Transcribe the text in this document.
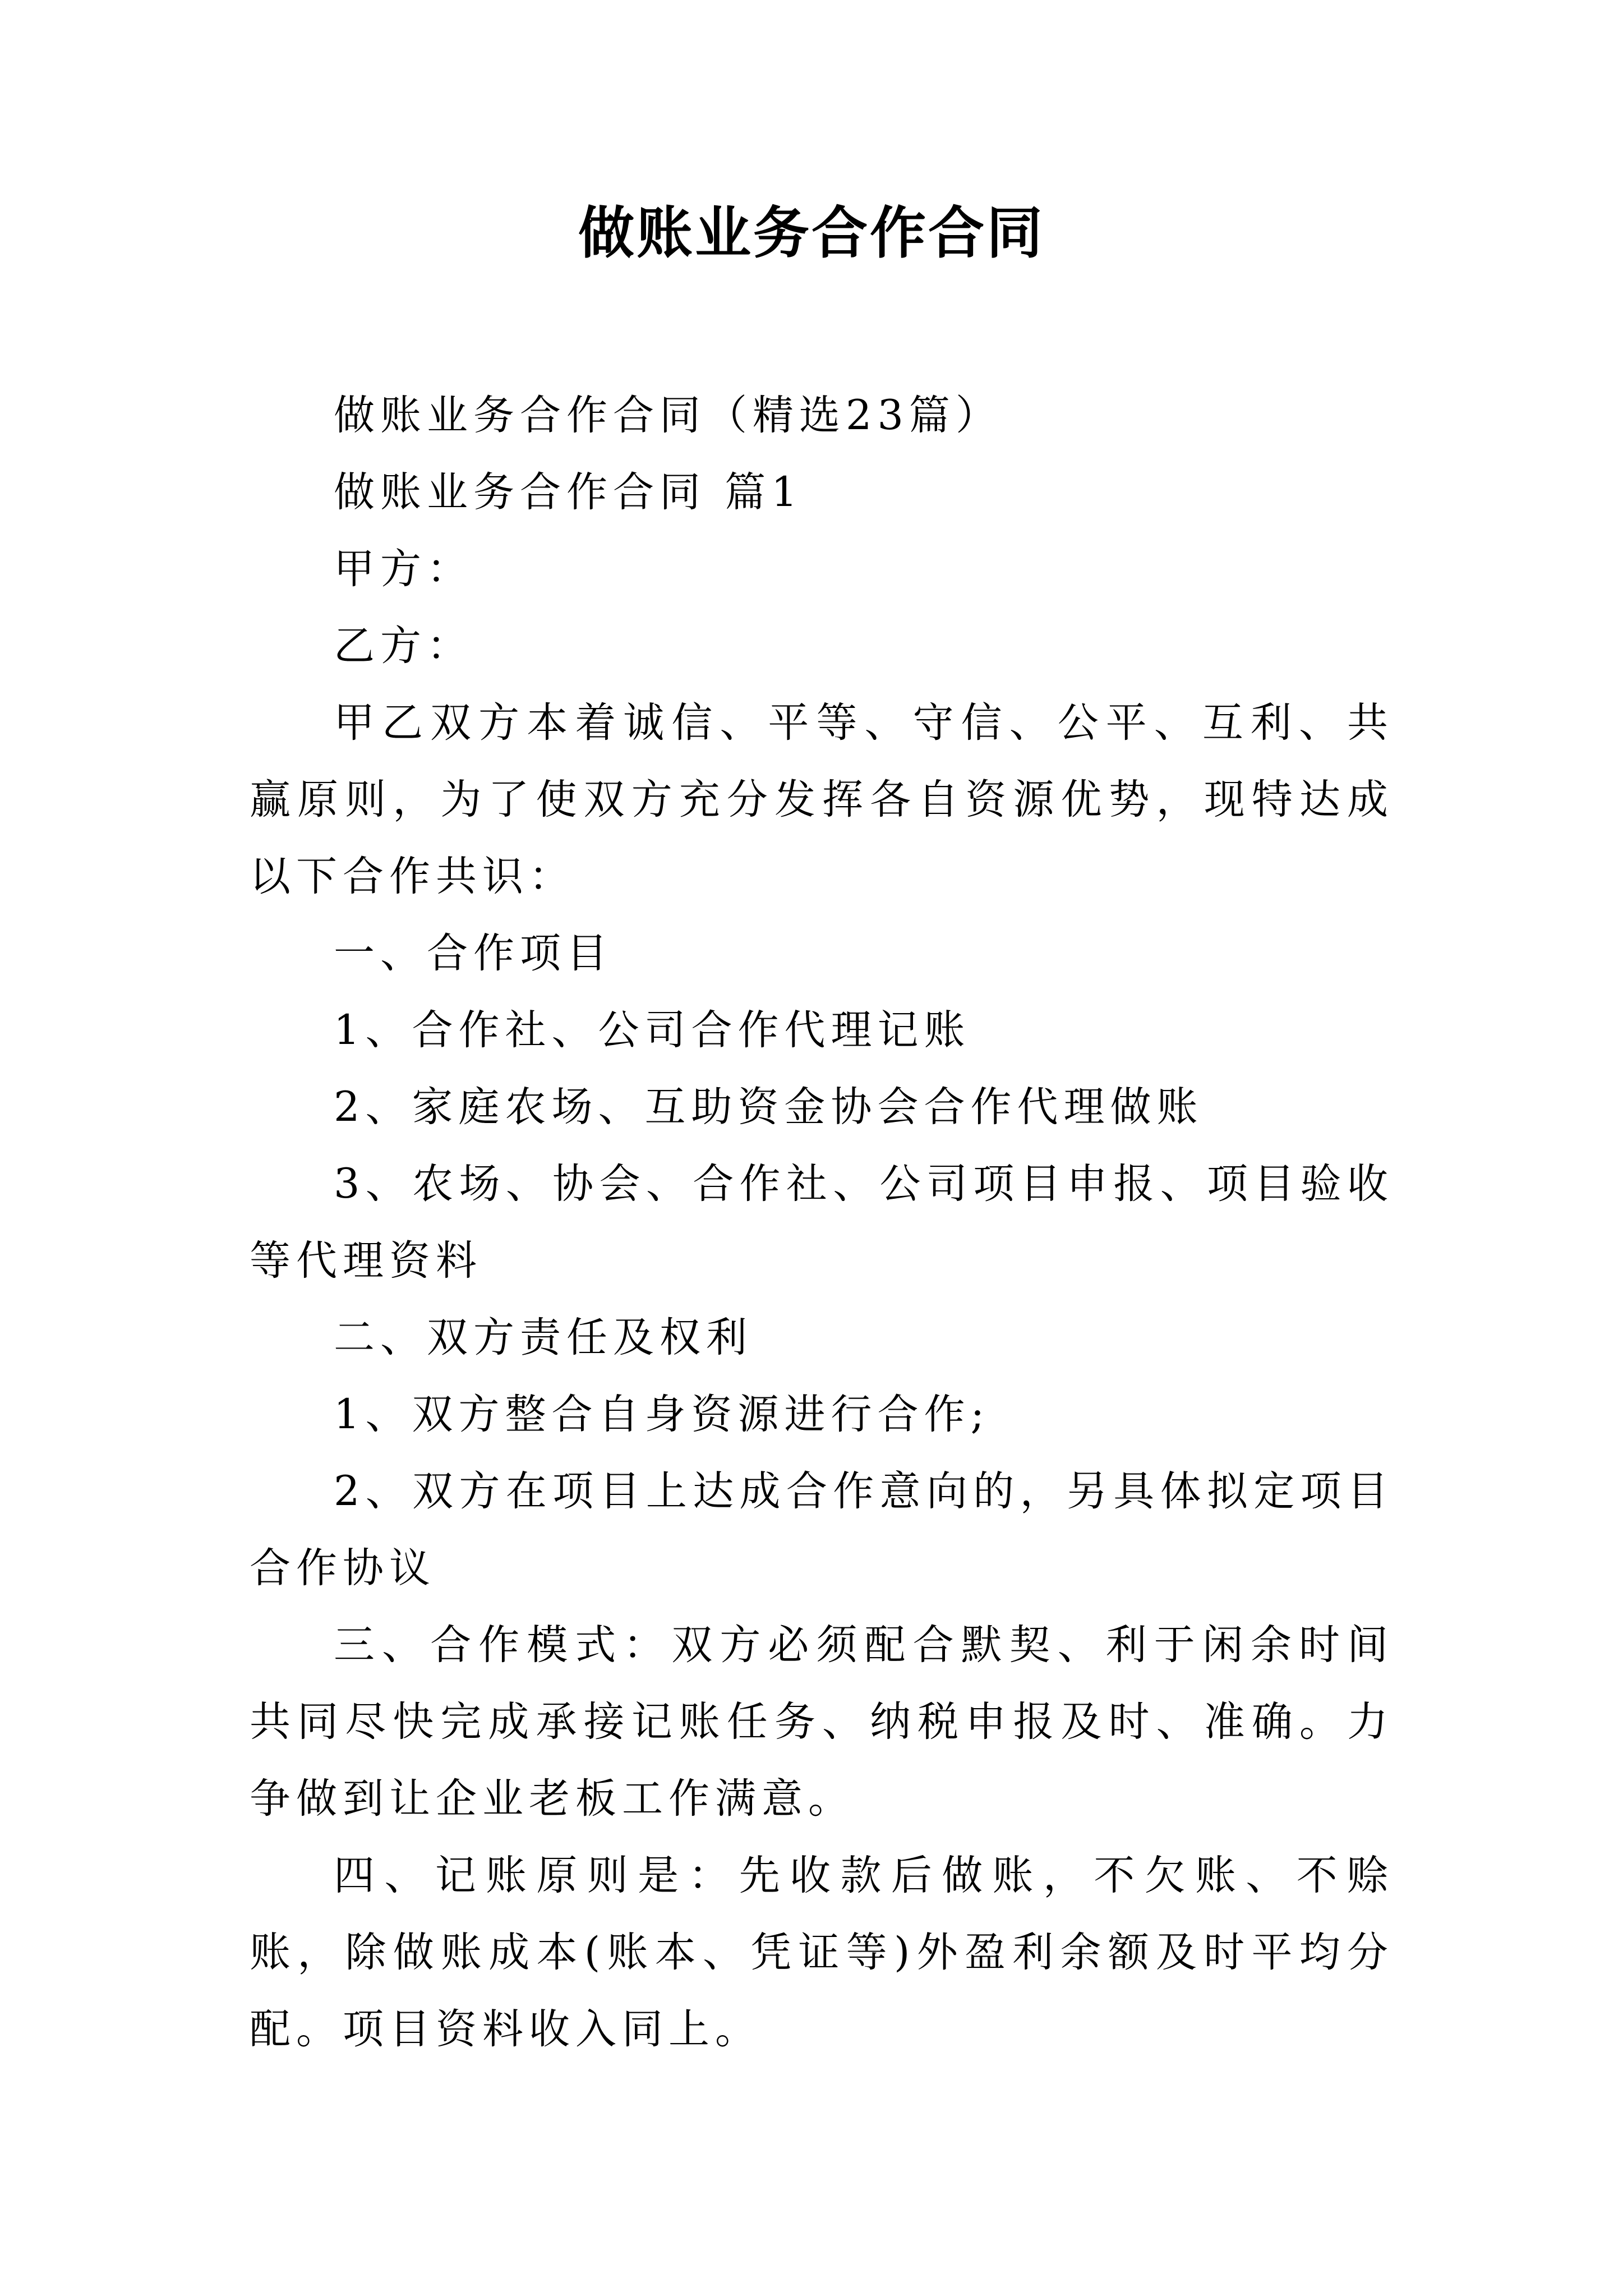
做账业务合作合同

做账业务合作合同（精选23篇）

做账业务合作合同 篇1

甲方：

乙方：

甲乙双方本着诚信、平等、守信、公平、互利、共赢原则，为了使双方充分发挥各自资源优势，现特达成以下合作共识：

一、合作项目

1、合作社、公司合作代理记账

2、家庭农场、互助资金协会合作代理做账

3、农场、协会、合作社、公司项目申报、项目验收等代理资料

二、双方责任及权利

1、双方整合自身资源进行合作;

2、双方在项目上达成合作意向的，另具体拟定项目合作协议

三、合作模式：双方必须配合默契、利于闲余时间共同尽快完成承接记账任务、纳税申报及时、准确。力争做到让企业老板工作满意。

四、记账原则是：先收款后做账，不欠账、不赊账，除做账成本(账本、凭证等)外盈利余额及时平均分配。项目资料收入同上。
